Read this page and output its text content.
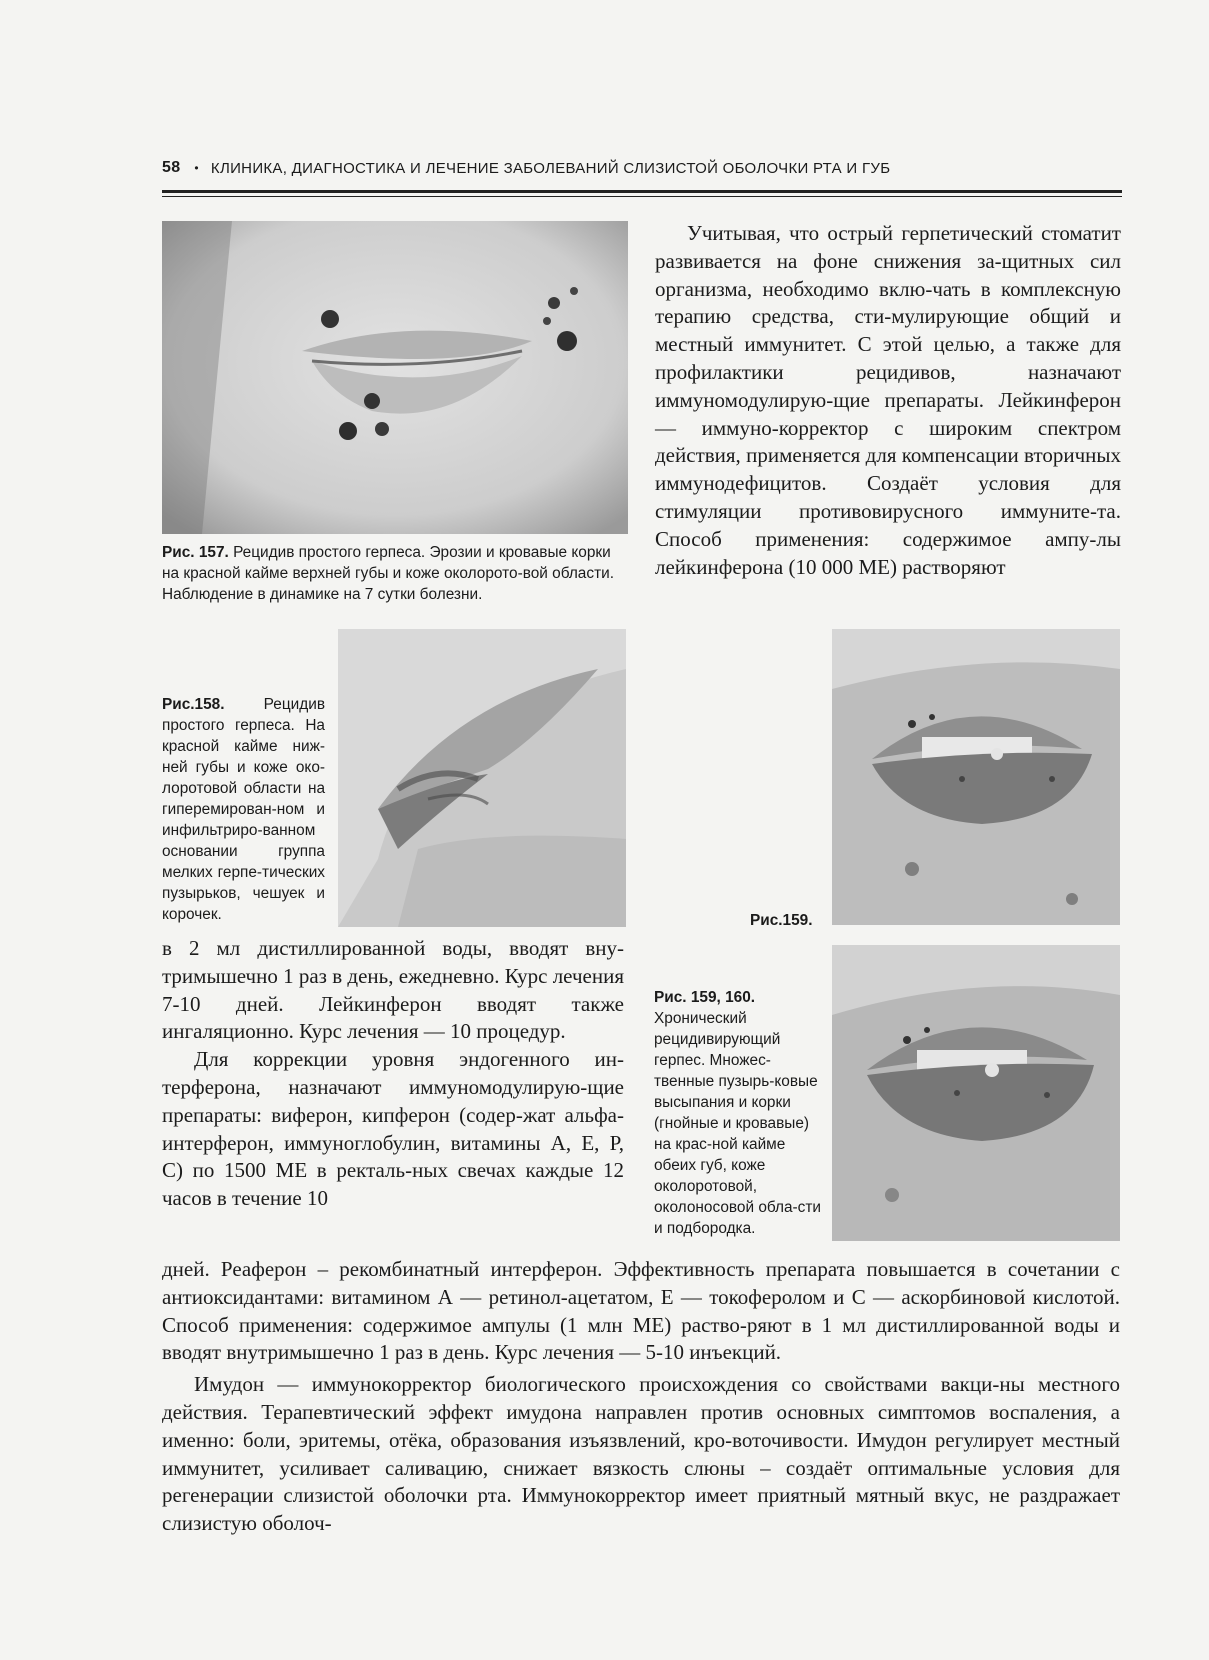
58 • КЛИНИКА, ДИАГНОСТИКА И ЛЕЧЕНИЕ ЗАБОЛЕВАНИЙ СЛИЗИСТОЙ ОБОЛОЧКИ РТА И ГУБ
Рис. 157. Рецидив простого герпеса. Эрозии и кровавые корки на красной кайме верхней губы и коже околорото-вой области. Наблюдение в динамике на 7 сутки болезни.

Учитывая, что острый герпетический стоматит развивается на фоне снижения за-щитных сил организма, необходимо вклю-чать в комплексную терапию средства, сти-мулирующие общий и местный иммунитет. С этой целью, а также для профилактики рецидивов, назначают иммуномодулирую-щие препараты. Лейкинферон — иммуно-корректор с широким спектром действия, применяется для компенсации вторичных иммунодефицитов. Создаёт условия для стимуляции противовирусного иммунитe-та. Способ применения: содержимое ампу-лы лейкинферона (10 000 МЕ) растворяют

Рис.158. Рецидив простого герпеса. На красной кайме ниж-ней губы и коже око-лоротовой области на гиперемирован-ном и инфильтриро-ванном основании группа мелких герпе-тических пузырьков, чешуек и корочек.	Рис.159.

в 2 мл дистиллированной воды, вводят вну-тримышечно 1 раз в день, ежедневно. Курс лечения 7-10 дней. Лейкинферон вводят также ингаляционно. Курс лечения — 10 процедур.

Для коррекции уровня эндогенного ин-терферона, назначают иммуномодулирую-щие препараты: виферон, кипферон (содер-жат альфа-интерферон, иммуноглобулин, витамины А, Е, Р, С) по 1500 МЕ в ректаль-ных свечах каждые 12 часов в течение 10

Рис. 159, 160.
Хронический рецидивирующий герпес. Множес-твенные пузырь-ковые высыпания и корки (гнойные и кровавые) на крас-ной кайме обеих губ, коже околоротовой, околоносовой обла-сти и подбородка.

дней. Реаферон – рекомбинатный интерферон. Эффективность препарата повышается в сочетании с антиоксидантами: витамином А — ретинол-ацетатом, Е — токоферолом и С — аскорбиновой кислотой. Способ применения: содержимое ампулы (1 млн МЕ) раство-ряют в 1 мл дистиллированной воды и вводят внутримышечно 1 раз в день. Курс лечения — 5-10 инъекций.

Имудон — иммунокорректор биологического происхождения со свойствами вакци-ны местного действия. Терапевтический эффект имудона направлен против основных симптомов воспаления, а именно: боли, эритемы, отёка, образования изъязвлений, кро-воточивости. Имудон регулирует местный иммунитет, усиливает саливацию, снижает вязкость слюны – создаёт оптимальные условия для регенерации слизистой оболочки рта. Иммунокорректор имеет приятный мятный вкус, не раздражает слизистую оболоч-
